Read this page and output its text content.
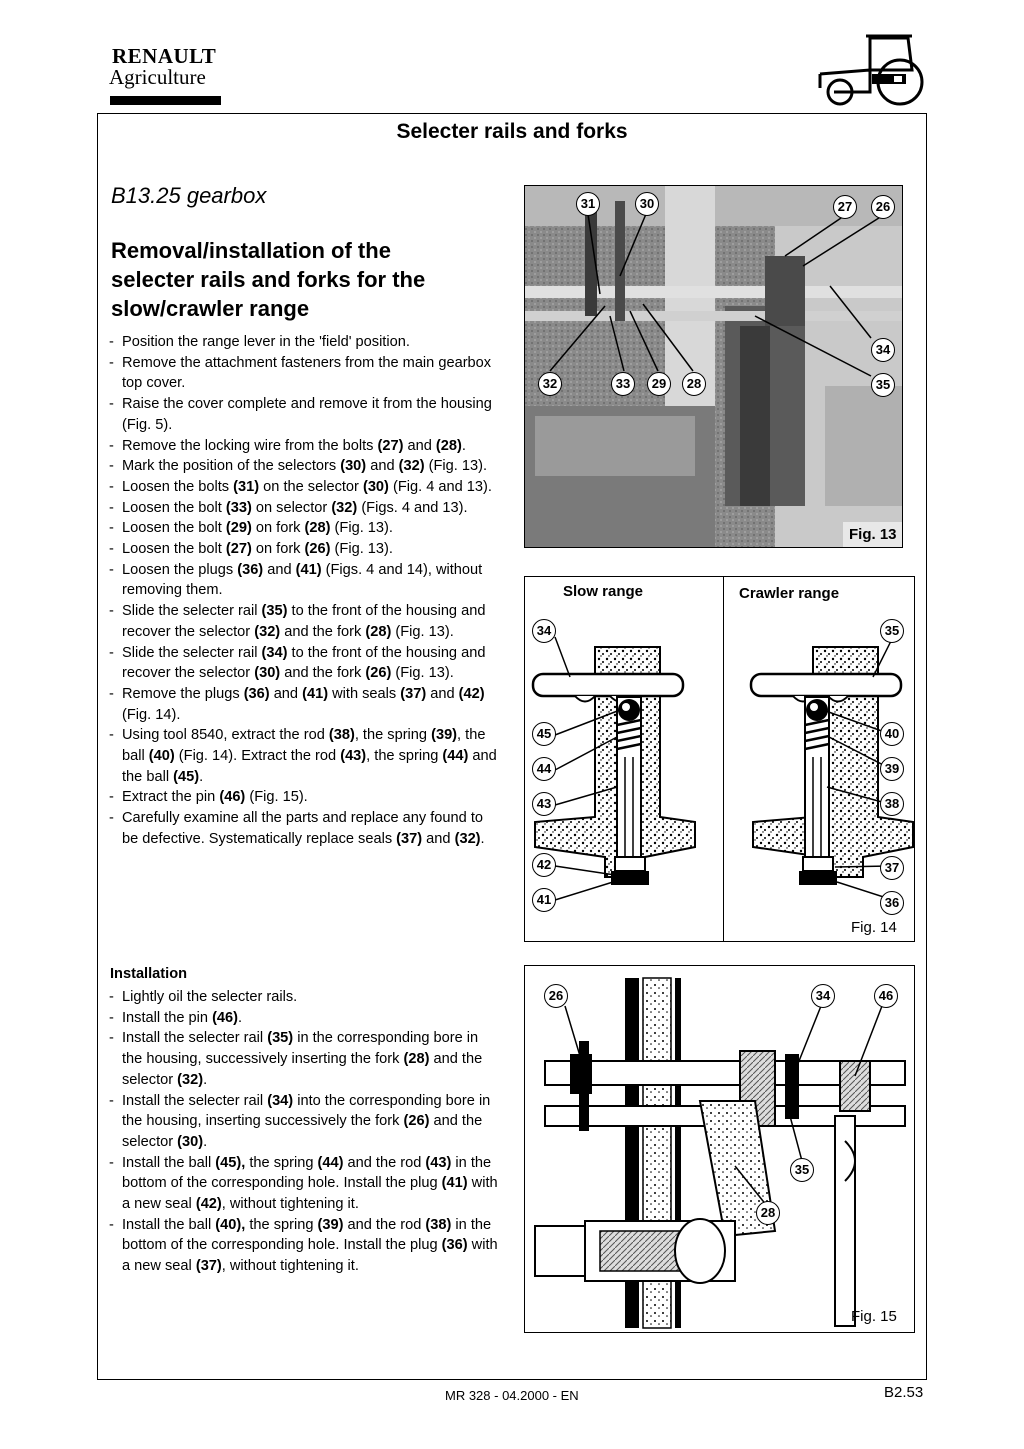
RENAULT
Agriculture
Selecter rails and forks
B13.25 gearbox
Removal/installation of the
selecter rails and forks for the
slow/crawler range
- Position the range lever in the 'field' position.
- Remove the attachment fasteners from the main gearbox top cover.
- Raise the cover complete and remove it from the housing (Fig. 5).
- Remove the locking wire from the bolts (27) and (28).
- Mark the position of the selectors (30) and (32) (Fig. 13).
- Loosen the bolts (31) on the selector (30) (Fig. 4 and 13).
- Loosen the bolt (33) on selector (32) (Figs. 4 and 13).
- Loosen the bolt (29) on fork (28) (Fig. 13).
- Loosen the bolt (27) on fork (26) (Fig. 13).
- Loosen the plugs (36) and (41) (Figs. 4 and 14), without removing them.
- Slide the selecter rail (35) to the front of the housing and recover the selector (32) and the fork (28) (Fig. 13).
- Slide the selecter rail (34) to the front of the housing and recover the selector (30) and the fork (26) (Fig. 13).
- Remove the plugs (36) and (41) with seals (37) and (42) (Fig. 14).
- Using tool 8540, extract the rod (38), the spring (39), the ball (40) (Fig. 14). Extract the rod (43), the spring (44) and the ball (45).
- Extract the pin (46) (Fig. 15).
- Carefully examine all the parts and replace any found to be defective. Systematically replace seals (37) and (32).
Installation
- Lightly oil the selecter rails.
- Install the pin (46).
- Install the selecter rail (35) in the corresponding bore in the housing, successively inserting the fork (28) and the selector (32).
- Install the selecter rail (34) into the corresponding bore in the housing, inserting successively the fork (26) and the selector (30).
- Install the ball (45), the spring (44) and the rod (43) in the bottom of the corresponding hole. Install the plug (41) with a new seal (42), without tightening it.
- Install the ball (40), the spring (39) and the rod (38) in the bottom of the corresponding hole. Install the plug (36) with a new seal (37), without tightening it.
31	30	27	26
34
35
32	33	29	28
Fig. 13
Slow range	Crawler range
34
45
44
43
42
41
35
40
39
38
37
36
Fig. 14
26	34	46
35
28
Fig. 15
MR 328 - 04.2000 - EN	B2.53
